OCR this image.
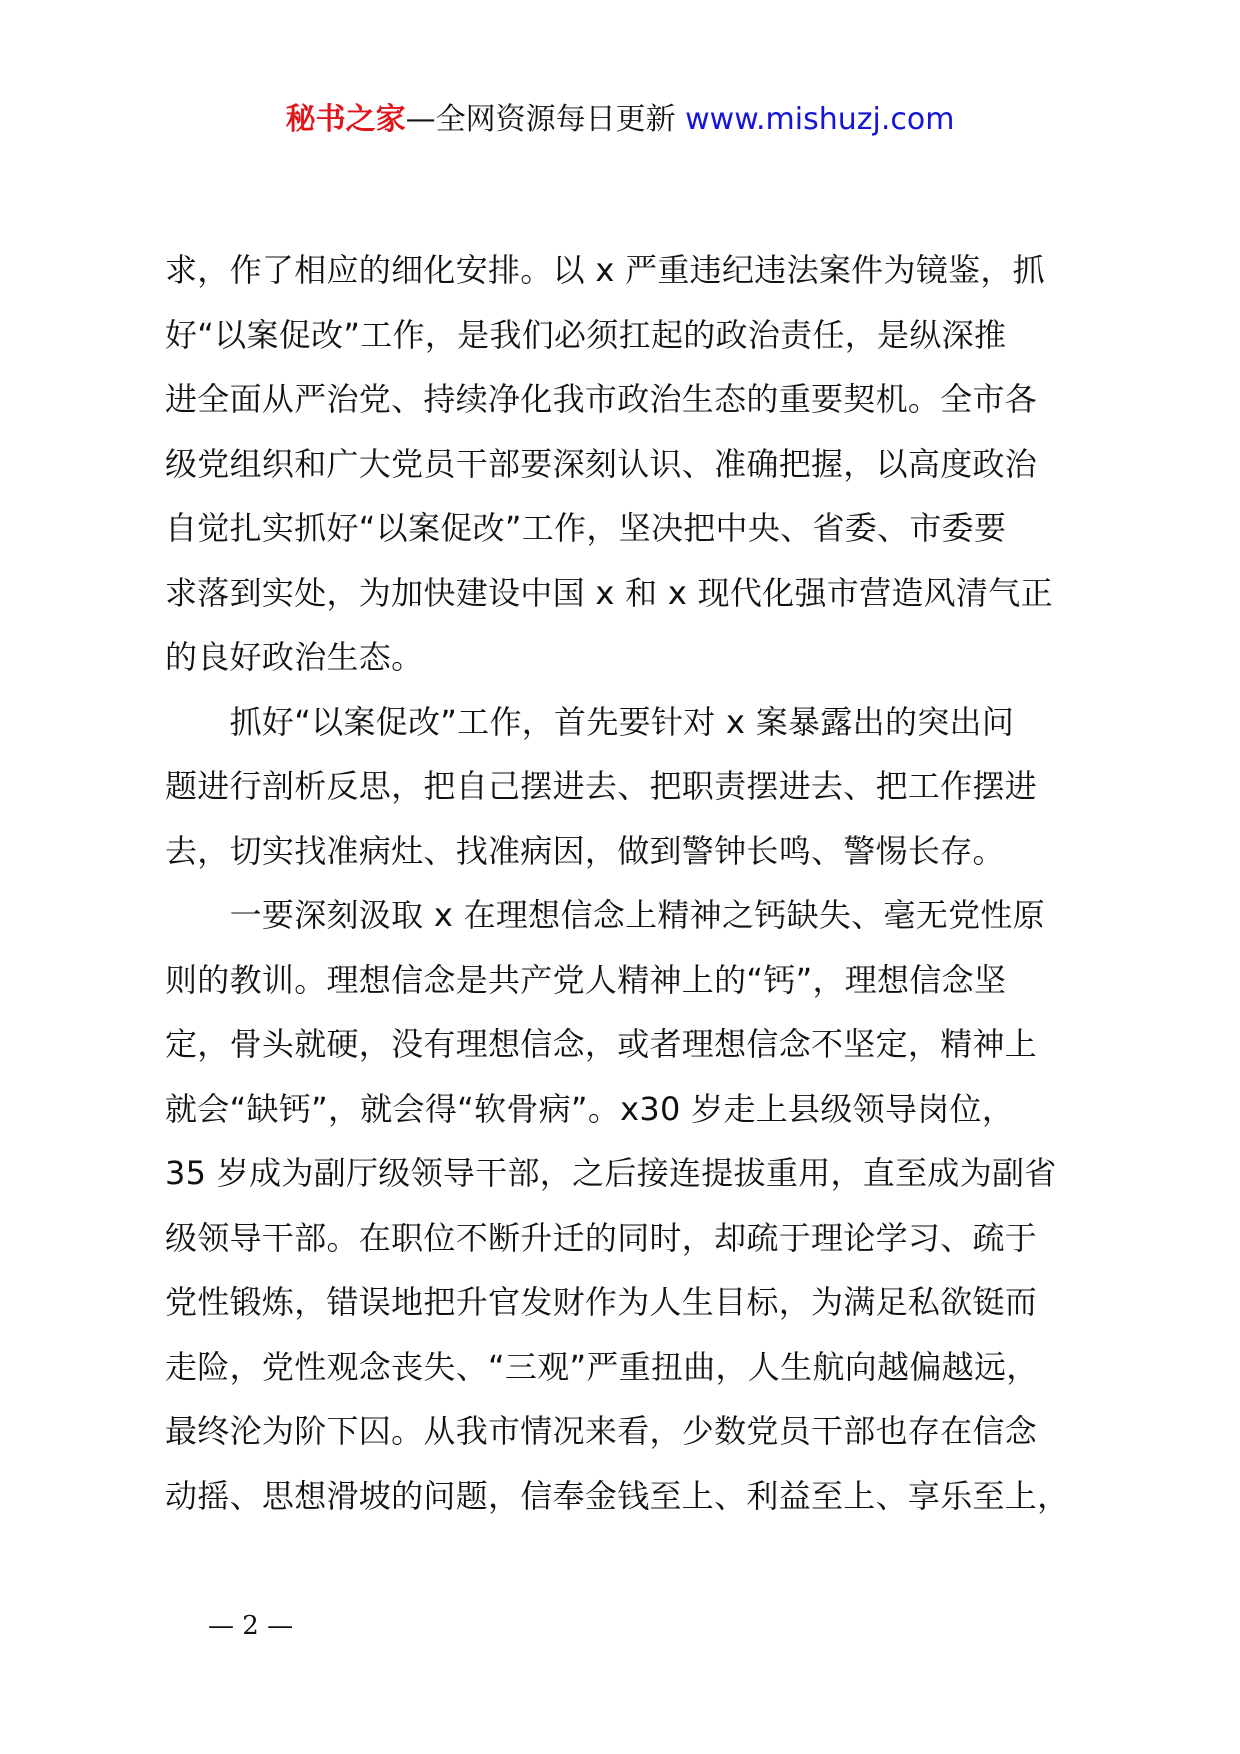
秘书之家—全网资源每日更新 www.mishuzj.com
求，作了相应的细化安排。以 x 严重违纪违法案件为镜鉴，抓
好“以案促改”工作，是我们必须扛起的政治责任，是纵深推
进全面从严治党、持续净化我市政治生态的重要契机。全市各
级党组织和广大党员干部要深刻认识、准确把握，以高度政治
自觉扎实抓好“以案促改”工作，坚决把中央、省委、市委要
求落到实处，为加快建设中国 x 和 x 现代化强市营造风清气正
的良好政治生态。
　　抓好“以案促改”工作，首先要针对 x 案暴露出的突出问
题进行剖析反思，把自己摆进去、把职责摆进去、把工作摆进
去，切实找准病灶、找准病因，做到警钟长鸣、警惕长存。
　　一要深刻汲取 x 在理想信念上精神之钙缺失、毫无党性原
则的教训。理想信念是共产党人精神上的“钙”，理想信念坚
定，骨头就硬，没有理想信念，或者理想信念不坚定，精神上
就会“缺钙”，就会得“软骨病”。x30 岁走上县级领导岗位，
35 岁成为副厅级领导干部，之后接连提拔重用，直至成为副省
级领导干部。在职位不断升迁的同时，却疏于理论学习、疏于
党性锻炼，错误地把升官发财作为人生目标，为满足私欲铤而
走险，党性观念丧失、“三观”严重扭曲，人生航向越偏越远，
最终沦为阶下囚。从我市情况来看，少数党员干部也存在信念
动摇、思想滑坡的问题，信奉金钱至上、利益至上、享乐至上，
— 2 —
